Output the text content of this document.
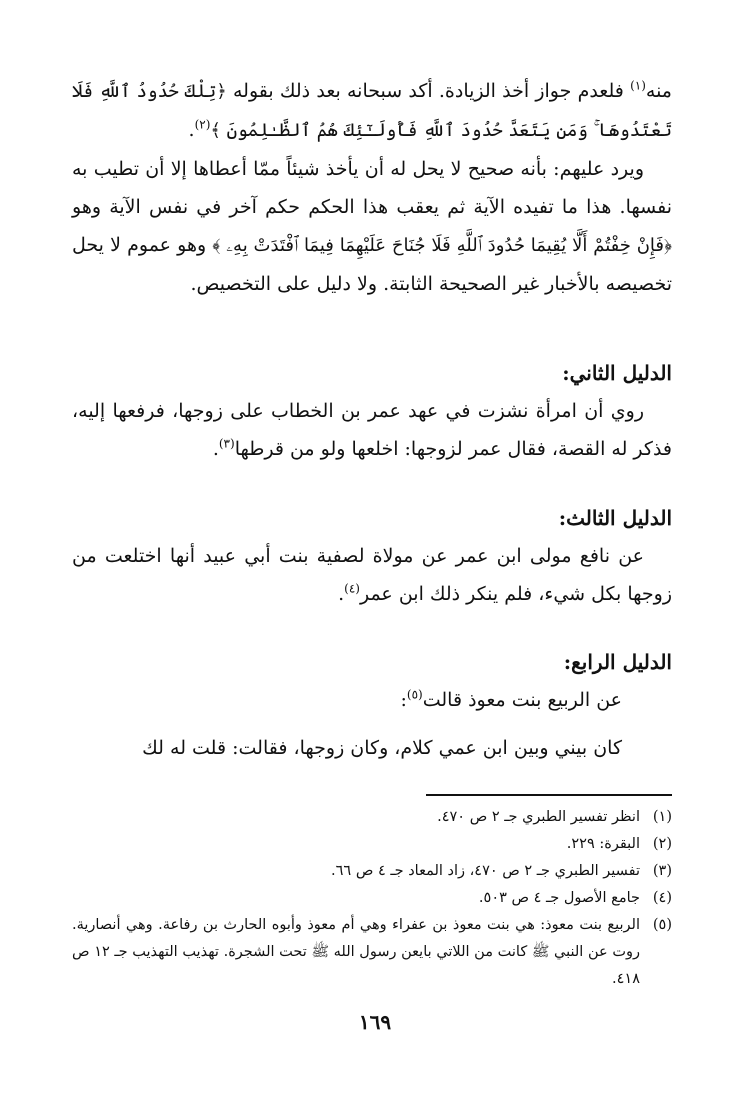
منه$^{(١)}$ فلعدم جواز أخذ الزيادة. أكد سبحانه بعد ذلك بقوله ﴿تِلْكَ حُدُودُ ٱللَّهِ فَلَا تَعْتَدُوهَا ۚ وَمَن يَتَعَدَّ حُدُودَ ٱللَّهِ فَأُولَـٰٓئِكَ هُمُ ٱلظَّـٰلِمُونَ ﴾$^{(٢)}$.

ويرد عليهم: بأنه صحيح لا يحل له أن يأخذ شيئاً ممّا أعطاها إلا أن تطيب به نفسها. هذا ما تفيده الآية ثم يعقب هذا الحكم حكم آخر في نفس الآية وهو ﴿فَإِنْ خِفْتُمْ أَلَّا يُقِيمَا حُدُودَ ٱللَّهِ فَلَا جُنَاحَ عَلَيْهِمَا فِيمَا ٱفْتَدَتْ بِهِۦ ﴾ وهو عموم لا يحل تخصيصه بالأخبار غير الصحيحة الثابتة. ولا دليل على التخصيص.

الدليل الثاني:

روي أن امرأة نشزت في عهد عمر بن الخطاب على زوجها، فرفعها إليه، فذكر له القصة، فقال عمر لزوجها: اخلعها ولو من قرطها$^{(٣)}$.

الدليل الثالث:

عن نافع مولى ابن عمر عن مولاة لصفية بنت أبي عبيد أنها اختلعت من زوجها بكل شيء، فلم ينكر ذلك ابن عمر$^{(٤)}$.

الدليل الرابع:

عن الربيع بنت معوذ قالت$^{(٥)}$:

كان بيني وبين ابن عمي كلام، وكان زوجها، فقالت: قلت له لك

(١)
انظر تفسير الطبري جـ ٢ ص ٤٧٠.
(٢)
البقرة: ٢٢٩.
(٣)
تفسير الطبري جـ ٢ ص ٤٧٠، زاد المعاد جـ ٤ ص ٦٦.
(٤)
جامع الأصول جـ ٤ ص ٥٠٣.
(٥)
الربيع بنت معوذ: هي بنت معوذ بن عفراء وهي أم معوذ وأبوه الحارث بن رفاعة. وهي أنصارية. روت عن النبي ﷺ كانت من اللاتي بايعن رسول الله ﷺ تحت الشجرة. تهذيب التهذيب جـ ١٢ ص ٤١٨.
١٦٩
